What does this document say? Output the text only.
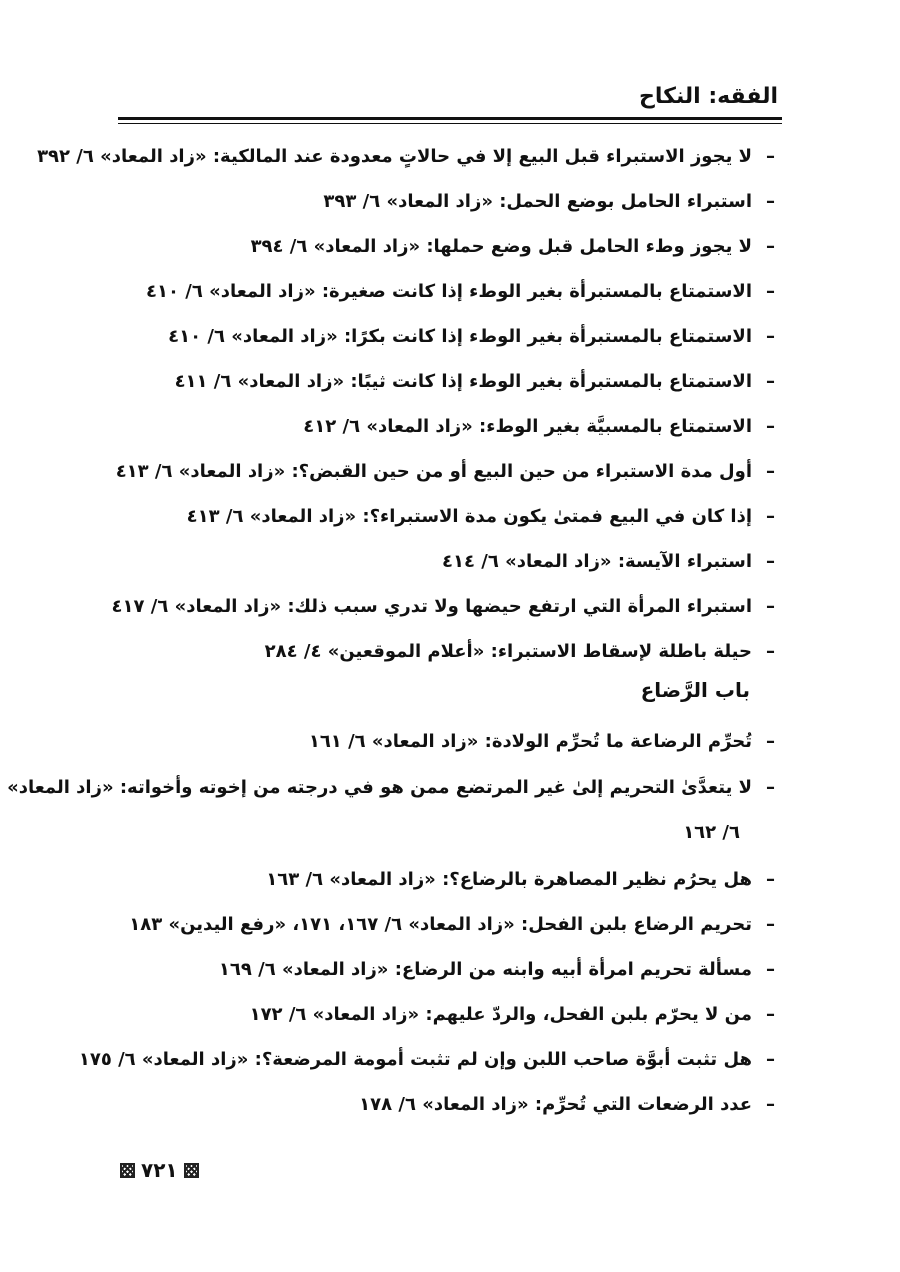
الفقه: النكاح
–لا يجوز الاستبراء قبل البيع إلا في حالاتٍ معدودة عند المالكية: «زاد المعاد» ٦/ ٣٩٢
–استبراء الحامل بوضع الحمل: «زاد المعاد» ٦/ ٣٩٣
–لا يجوز وطء الحامل قبل وضع حملها: «زاد المعاد» ٦/ ٣٩٤
–الاستمتاع بالمستبرأة بغير الوطء إذا كانت صغيرة: «زاد المعاد» ٦/ ٤١٠
–الاستمتاع بالمستبرأة بغير الوطء إذا كانت بكرًا: «زاد المعاد» ٦/ ٤١٠
–الاستمتاع بالمستبرأة بغير الوطء إذا كانت ثيبًا: «زاد المعاد» ٦/ ٤١١
–الاستمتاع بالمسبيَّة بغير الوطء: «زاد المعاد» ٦/ ٤١٢
–أول مدة الاستبراء من حين البيع أو من حين القبض؟: «زاد المعاد» ٦/ ٤١٣
–إذا كان في البيع فمتىٰ يكون مدة الاستبراء؟: «زاد المعاد» ٦/ ٤١٣
–استبراء الآيسة: «زاد المعاد» ٦/ ٤١٤
–استبراء المرأة التي ارتفع حيضها ولا تدري سبب ذلك: «زاد المعاد» ٦/ ٤١٧
–حيلة باطلة لإسقاط الاستبراء: «أعلام الموقعين» ٤/ ٢٨٤
باب الرَّضاع
–تُحرِّم الرضاعة ما تُحرِّم الولادة: «زاد المعاد» ٦/ ١٦١
–لا يتعدَّىٰ التحريم إلىٰ غير المرتضع ممن هو في درجته من إخوته وأخواته: «زاد المعاد»
٦/ ١٦٢
–هل يحرُم نظير المصاهرة بالرضاع؟: «زاد المعاد» ٦/ ١٦٣
–تحريم الرضاع بلبن الفحل: «زاد المعاد» ٦/ ١٦٧، ١٧١، «رفع اليدين» ١٨٣
–مسألة تحريم امرأة أبيه وابنه من الرضاع: «زاد المعاد» ٦/ ١٦٩
–من لا يحرّم بلبن الفحل، والردّ عليهم: «زاد المعاد» ٦/ ١٧٢
–هل تثبت أبوَّة صاحب اللبن وإن لم تثبت أمومة المرضعة؟: «زاد المعاد» ٦/ ١٧٥
–عدد الرضعات التي تُحرِّم: «زاد المعاد» ٦/ ١٧٨
٧٢١
